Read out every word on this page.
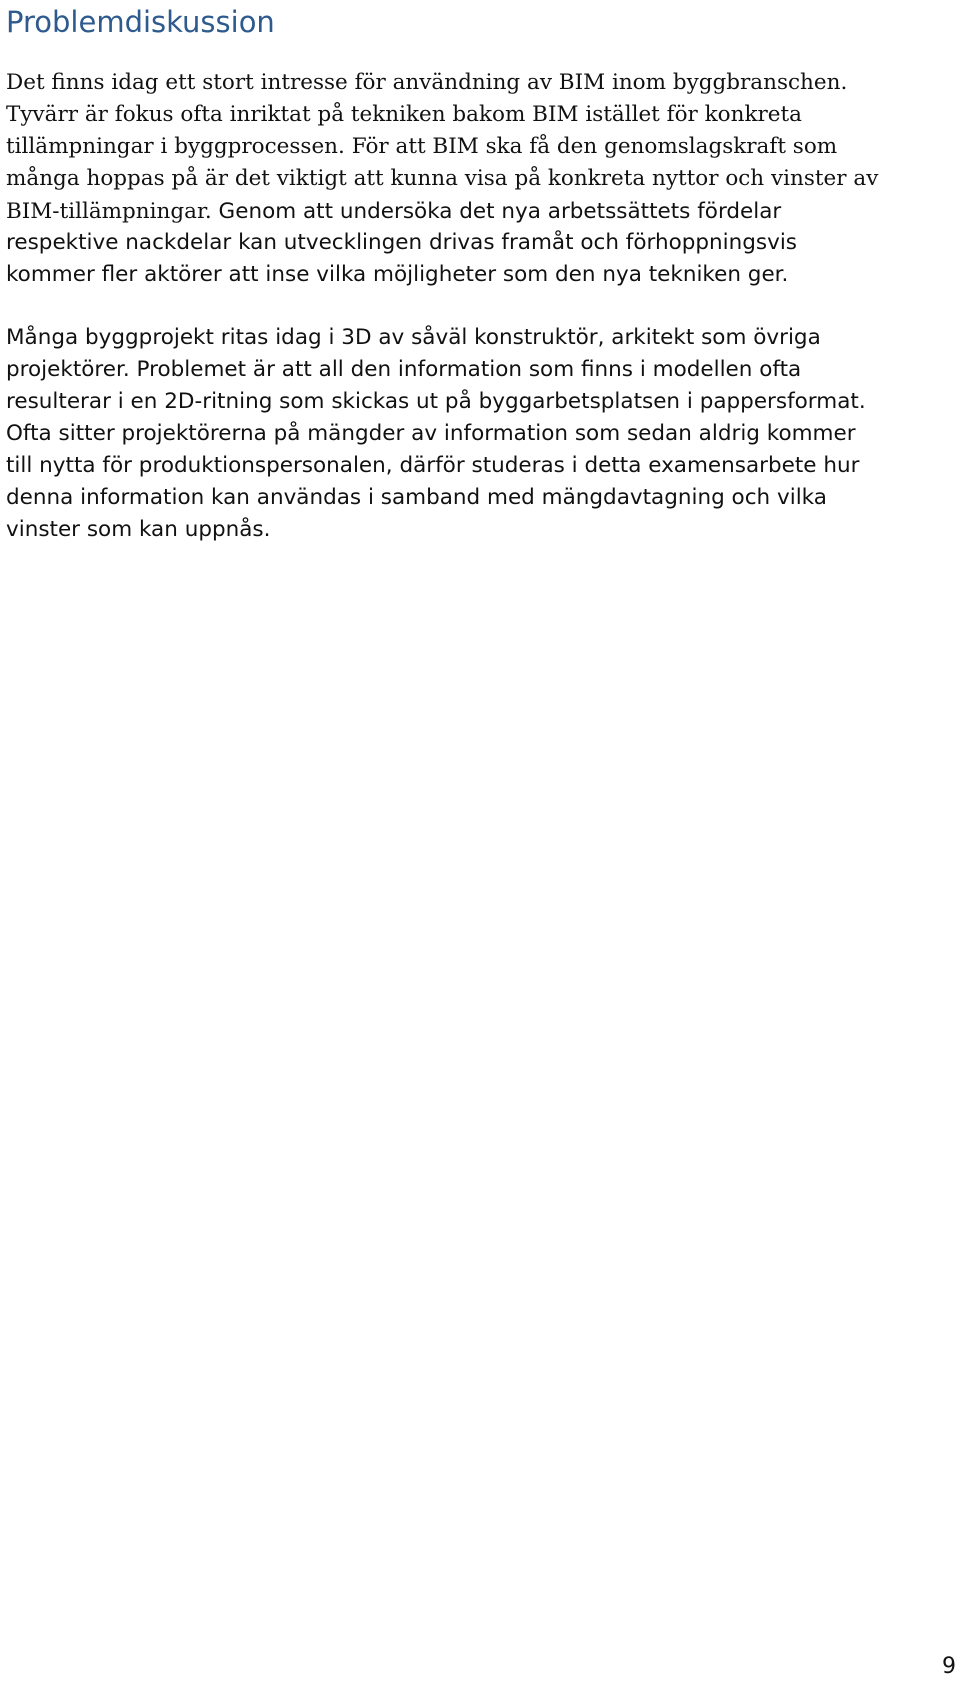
Problemdiskussion

Det finns idag ett stort intresse för användning av BIM inom byggbranschen.

Tyvärr är fokus ofta inriktat på tekniken bakom BIM istället för konkreta

tillämpningar i byggprocessen. För att BIM ska få den genomslagskraft som

många hoppas på är det viktigt att kunna visa på konkreta nyttor och vinster av

BIM-tillämpningar. Genom att undersöka det nya arbetssättets fördelar

respektive nackdelar kan utvecklingen drivas framåt och förhoppningsvis

kommer fler aktörer att inse vilka möjligheter som den nya tekniken ger.

Många byggprojekt ritas idag i 3D av såväl konstruktör, arkitekt som övriga

projektörer. Problemet är att all den information som finns i modellen ofta

resulterar i en 2D-ritning som skickas ut på byggarbetsplatsen i pappersformat.

Ofta sitter projektörerna på mängder av information som sedan aldrig kommer

till nytta för produktionspersonalen, därför studeras i detta examensarbete hur

denna information kan användas i samband med mängdavtagning och vilka

vinster som kan uppnås.

9
